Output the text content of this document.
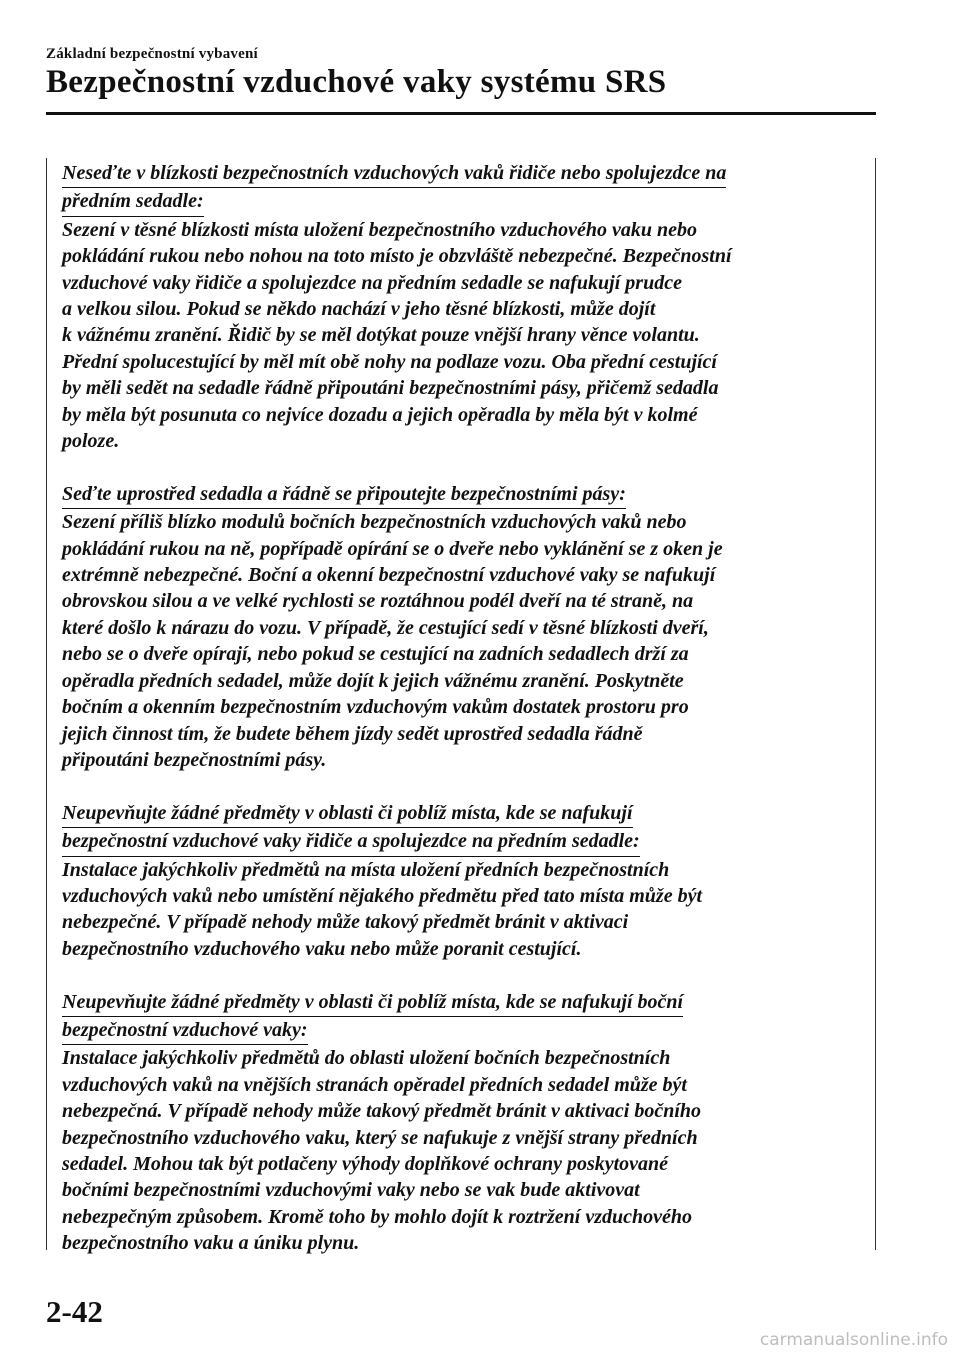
Základní bezpečnostní vybavení
Bezpečnostní vzduchové vaky systému SRS
Neseďte v blízkosti bezpečnostních vzduchových vaků řidiče nebo spolujezdce na
předním sedadle:
Sezení v těsné blízkosti místa uložení bezpečnostního vzduchového vaku nebo
pokládání rukou nebo nohou na toto místo je obzvláště nebezpečné. Bezpečnostní
vzduchové vaky řidiče a spolujezdce na předním sedadle se nafukují prudce
a velkou silou. Pokud se někdo nachází v jeho těsné blízkosti, může dojít
k vážnému zranění. Řidič by se měl dotýkat pouze vnější hrany věnce volantu.
Přední spolucestující by měl mít obě nohy na podlaze vozu. Oba přední cestující
by měli sedět na sedadle řádně připoutáni bezpečnostními pásy, přičemž sedadla
by měla být posunuta co nejvíce dozadu a jejich opěradla by měla být v kolmé
poloze.
Seďte uprostřed sedadla a řádně se připoutejte bezpečnostními pásy:
Sezení příliš blízko modulů bočních bezpečnostních vzduchových vaků nebo
pokládání rukou na ně, popřípadě opírání se o dveře nebo vyklánění se z oken je
extrémně nebezpečné. Boční a okenní bezpečnostní vzduchové vaky se nafukují
obrovskou silou a ve velké rychlosti se roztáhnou podél dveří na té straně, na
které došlo k nárazu do vozu. V případě, že cestující sedí v těsné blízkosti dveří,
nebo se o dveře opírají, nebo pokud se cestující na zadních sedadlech drží za
opěradla předních sedadel, může dojít k jejich vážnému zranění. Poskytněte
bočním a okenním bezpečnostním vzduchovým vakům dostatek prostoru pro
jejich činnost tím, že budete během jízdy sedět uprostřed sedadla řádně
připoutáni bezpečnostními pásy.
Neupevňujte žádné předměty v oblasti či poblíž místa, kde se nafukují
bezpečnostní vzduchové vaky řidiče a spolujezdce na předním sedadle:
Instalace jakýchkoliv předmětů na místa uložení předních bezpečnostních
vzduchových vaků nebo umístění nějakého předmětu před tato místa může být
nebezpečné. V případě nehody může takový předmět bránit v aktivaci
bezpečnostního vzduchového vaku nebo může poranit cestující.
Neupevňujte žádné předměty v oblasti či poblíž místa, kde se nafukují boční
bezpečnostní vzduchové vaky:
Instalace jakýchkoliv předmětů do oblasti uložení bočních bezpečnostních
vzduchových vaků na vnějších stranách opěradel předních sedadel může být
nebezpečná. V případě nehody může takový předmět bránit v aktivaci bočního
bezpečnostního vzduchového vaku, který se nafukuje z vnější strany předních
sedadel. Mohou tak být potlačeny výhody doplňkové ochrany poskytované
bočními bezpečnostními vzduchovými vaky nebo se vak bude aktivovat
nebezpečným způsobem. Kromě toho by mohlo dojít k roztržení vzduchového
bezpečnostního vaku a úniku plynu.
2-42
carmanualsonline.info
